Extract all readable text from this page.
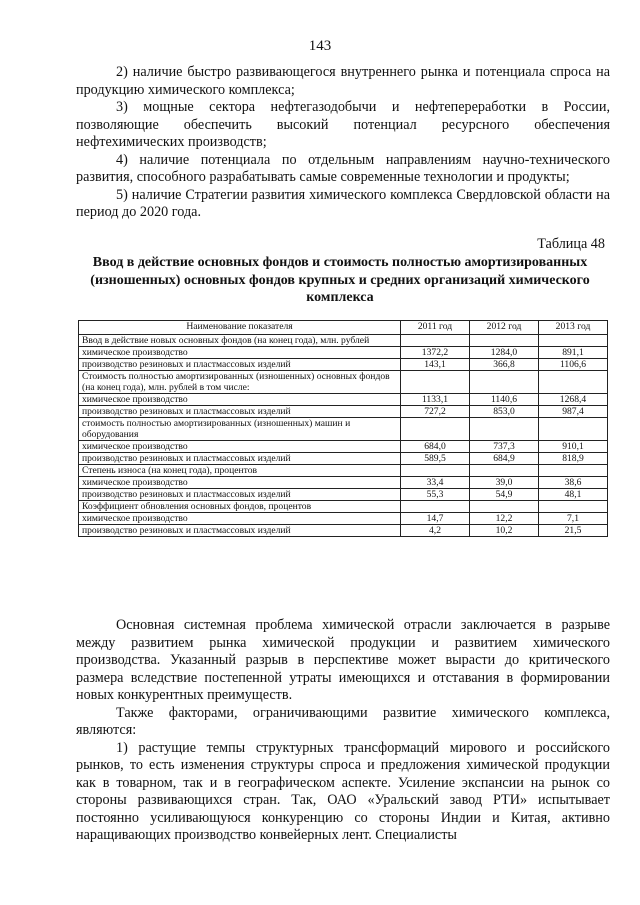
143

2) наличие быстро развивающегося внутреннего рынка и потенциала спроса на продукцию химического комплекса;

3) мощные сектора нефтегазодобычи и нефтепереработки в России, позволяющие обеспечить высокий потенциал ресурсного обеспечения нефтехимических производств;

4) наличие потенциала по отдельным направлениям научно-технического развития, способного разрабатывать самые современные технологии и продукты;

5) наличие Стратегии развития химического комплекса Свердловской области на период до 2020 года.

Таблица 48
Ввод в действие основных фондов и стоимость полностью амортизированных (изношенных) основных фондов крупных и средних организаций химического комплекса
Наименование показателя	2011 год	2012 год	2013 год
Ввод в действие новых основных фондов (на конец года), млн. рублей			
химическое производство	1372,2	1284,0	891,1
производство резиновых и пластмассовых изделий	143,1	366,8	1106,6
Стоимость полностью амортизированных (изношенных) основных фондов (на конец года), млн. рублей в том числе:			
химическое производство	1133,1	1140,6	1268,4
производство резиновых и пластмассовых изделий	727,2	853,0	987,4
стоимость полностью амортизированных (изношенных) машин и оборудования			
химическое производство	684,0	737,3	910,1
производство резиновых и пластмассовых изделий	589,5	684,9	818,9
Степень износа (на конец года), процентов			
химическое производство	33,4	39,0	38,6
производство резиновых и пластмассовых изделий	55,3	54,9	48,1
Коэффициент обновления основных фондов, процентов			
химическое производство	14,7	12,2	7,1
производство резиновых и пластмассовых изделий	4,2	10,2	21,5

Основная системная проблема химической отрасли заключается в разрыве между развитием рынка химической продукции и развитием химического производства. Указанный разрыв в перспективе может вырасти до критического размера вследствие постепенной утраты имеющихся и отставания в формировании новых конкурентных преимуществ.

Также факторами, ограничивающими развитие химического комплекса, являются:

1) растущие темпы структурных трансформаций мирового и российского рынков, то есть изменения структуры спроса и предложения химической продукции как в товарном, так и в географическом аспекте. Усиление экспансии на рынок со стороны развивающихся стран. Так, ОАО «Уральский завод РТИ» испытывает постоянно усиливающуюся конкуренцию со стороны Индии и Китая, активно наращивающих производство конвейерных лент. Специалисты
